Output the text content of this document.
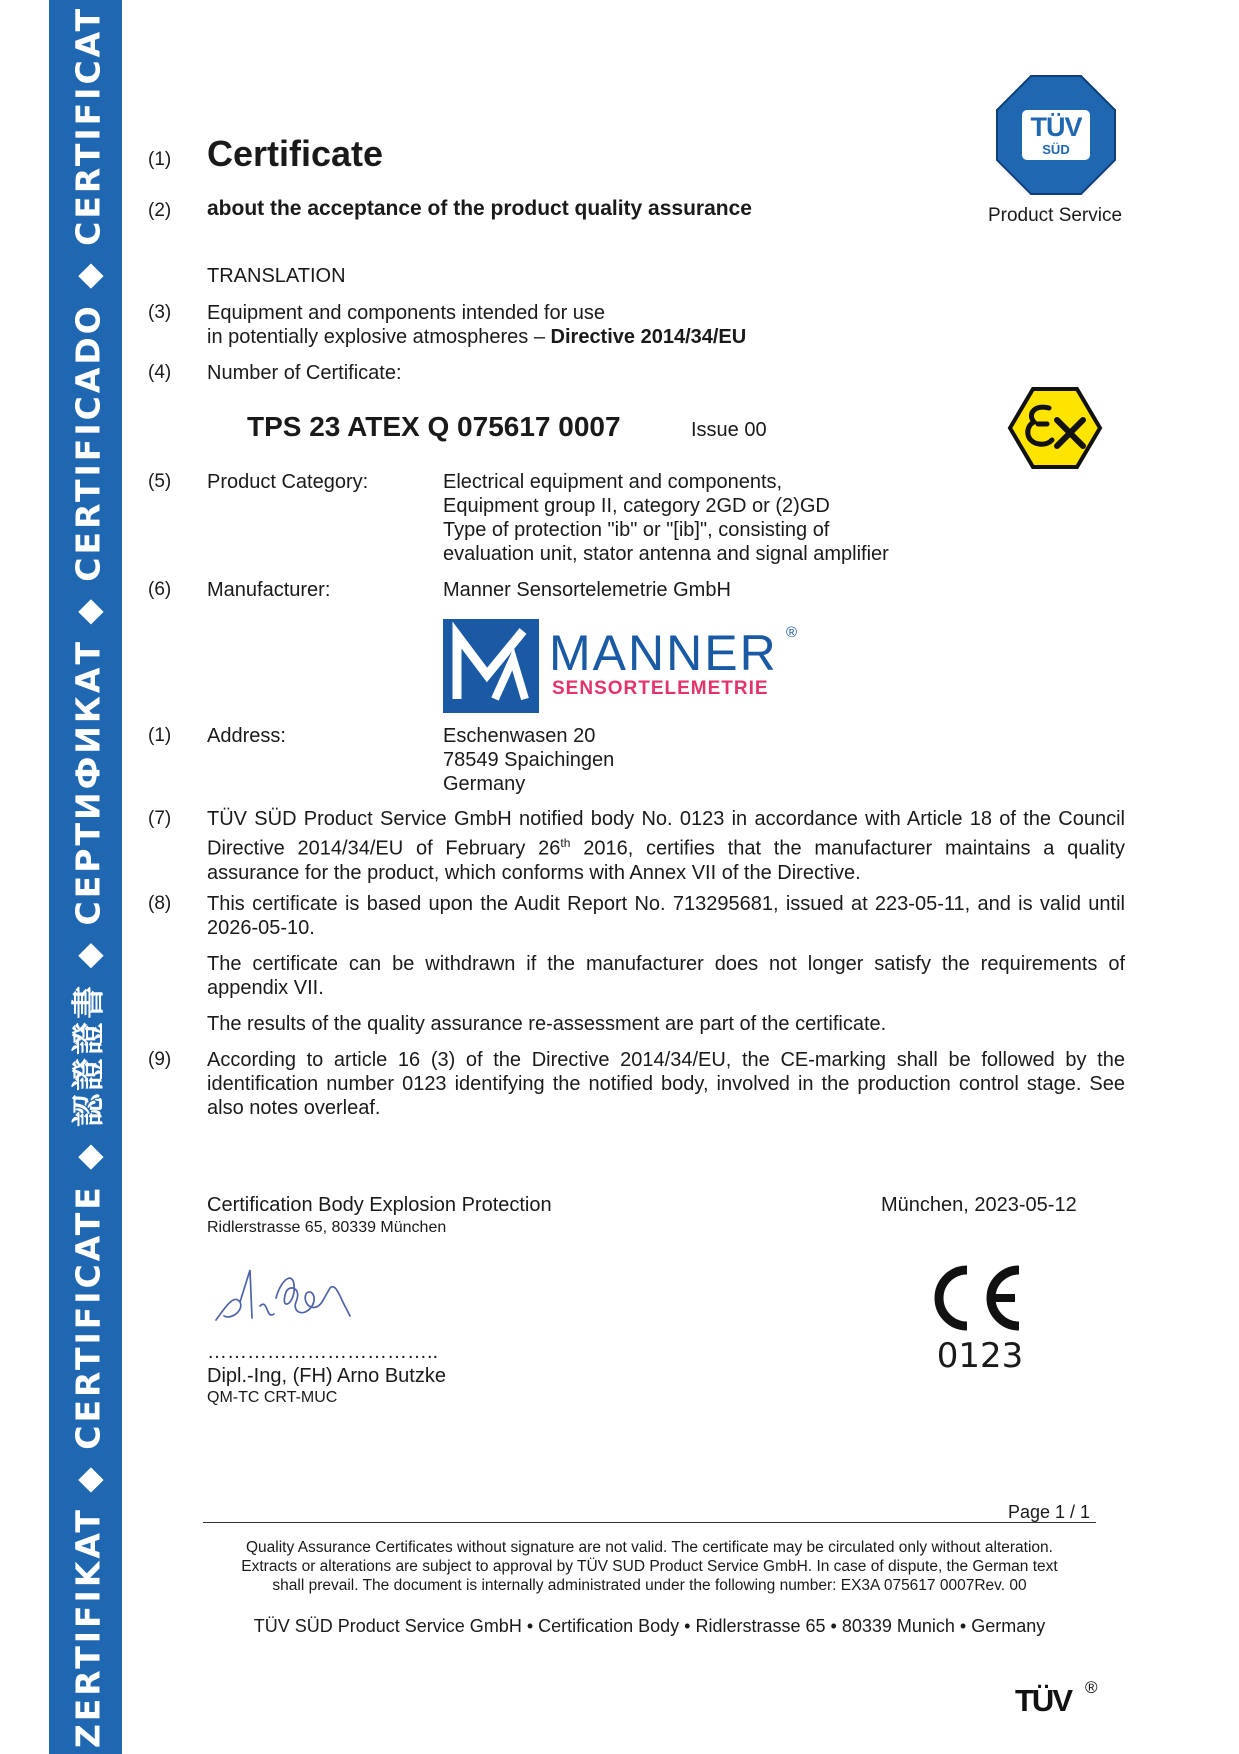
ZERTIFIKAT ◆ CERTIFICATE ◆ 認證證書 ◆ СЕРТИФИКАТ ◆ CERTIFICADO ◆ CERTIFICAT (1) Certificate
(2) about the acceptance of the product quality assurance
TRANSLATION
TÜV
SÜD
Product Service
(3) Equipment and components intended for use
in potentially explosive atmospheres – Directive 2014/34/EU
(4) Number of Certificate:
TPS 23 ATEX Q 075617 0007	Issue 00
(5) Product Category:	Electrical equipment and components,
Equipment group II, category 2GD or (2)GD
Type of protection "ib" or "[ib]", consisting of
evaluation unit, stator antenna and signal amplifier
(6) Manufacturer:	Manner Sensortelemetrie GmbH
MANNER ®
SENSORTELEMETRIE
(1) Address:	Eschenwasen 20
78549 Spaichingen
Germany
(7) TÜV SÜD Product Service GmbH notified body No. 0123 in accordance with Article 18 of the Council
Directive 2014/34/EU of February 26th 2016, certifies that the manufacturer maintains a quality
assurance for the product, which conforms with Annex VII of the Directive.
(8) This certificate is based upon the Audit Report No. 713295681, issued at 223-05-11, and is valid until 2026-05-10.
The certificate can be withdrawn if the manufacturer does not longer satisfy the requirements of appendix VII.
The results of the quality assurance re-assessment are part of the certificate.
(9) According to article 16 (3) of the Directive 2014/34/EU, the CE-marking shall be followed by the identification number 0123 identifying the notified body, involved in the production control stage. See also notes overleaf.
Certification Body Explosion Protection
Ridlerstrasse 65, 80339 München
München, 2023-05-12
……………………………..
Dipl.-Ing, (FH) Arno Butzke
QM-TC CRT-MUC
0123
Page 1 / 1
Quality Assurance Certificates without signature are not valid. The certificate may be circulated only without alteration.
Extracts or alterations are subject to approval by TÜV SUD Product Service GmbH. In case of dispute, the German text
shall prevail. The document is internally administrated under the following number: EX3A 075617 0007Rev. 00
TÜV SÜD Product Service GmbH • Certification Body • Ridlerstrasse 65 • 80339 Munich • Germany
TÜV ®
